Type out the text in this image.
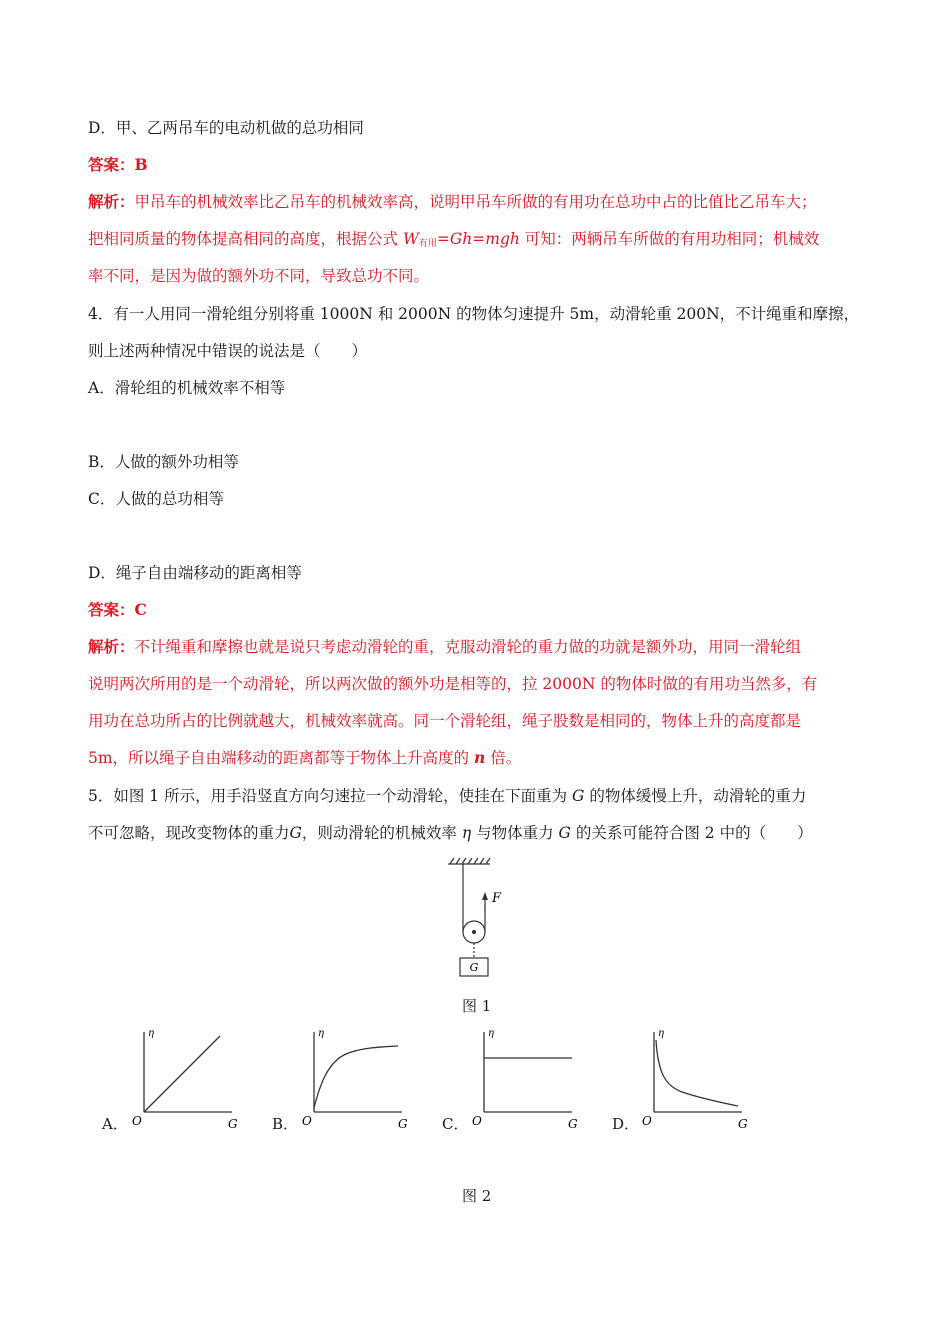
D．甲、乙两吊车的电动机做的总功相同
答案：B
解析：甲吊车的机械效率比乙吊车的机械效率高，说明甲吊车所做的有用功在总功中占的比值比乙吊车大；
把相同质量的物体提高相同的高度，根据公式 $W_{有用}=Gh=mgh$ 可知：两辆吊车所做的有用功相同；机械效
率不同，是因为做的额外功不同，导致总功不同。
4．有一人用同一滑轮组分别将重 1000N 和 2000N 的物体匀速提升 5m，动滑轮重 200N，不计绳重和摩擦，
则上述两种情况中错误的说法是（　　）
A．滑轮组的机械效率不相等
B．人做的额外功相等
C．人做的总功相等
D．绳子自由端移动的距离相等
答案：C
解析：不计绳重和摩擦也就是说只考虑动滑轮的重，克服动滑轮的重力做的功就是额外功，用同一滑轮组
说明两次所用的是一个动滑轮，所以两次做的额外功是相等的，拉 2000N 的物体时做的有用功当然多，有
用功在总功所占的比例就越大，机械效率就高。同一个滑轮组，绳子股数是相同的，物体上升的高度都是
5m，所以绳子自由端移动的距离都等于物体上升高度的 n 倍。
5．如图 1 所示，用手沿竖直方向匀速拉一个动滑轮，使挂在下面重为 G 的物体缓慢上升，动滑轮的重力
不可忽略，现改变物体的重力G，则动滑轮的机械效率 η 与物体重力 G 的关系可能符合图 2 中的（　　）
F
G
图 1
A．
η
O	G B．
η
O	G C．
η
O	G D．
η
O	G
图 2
